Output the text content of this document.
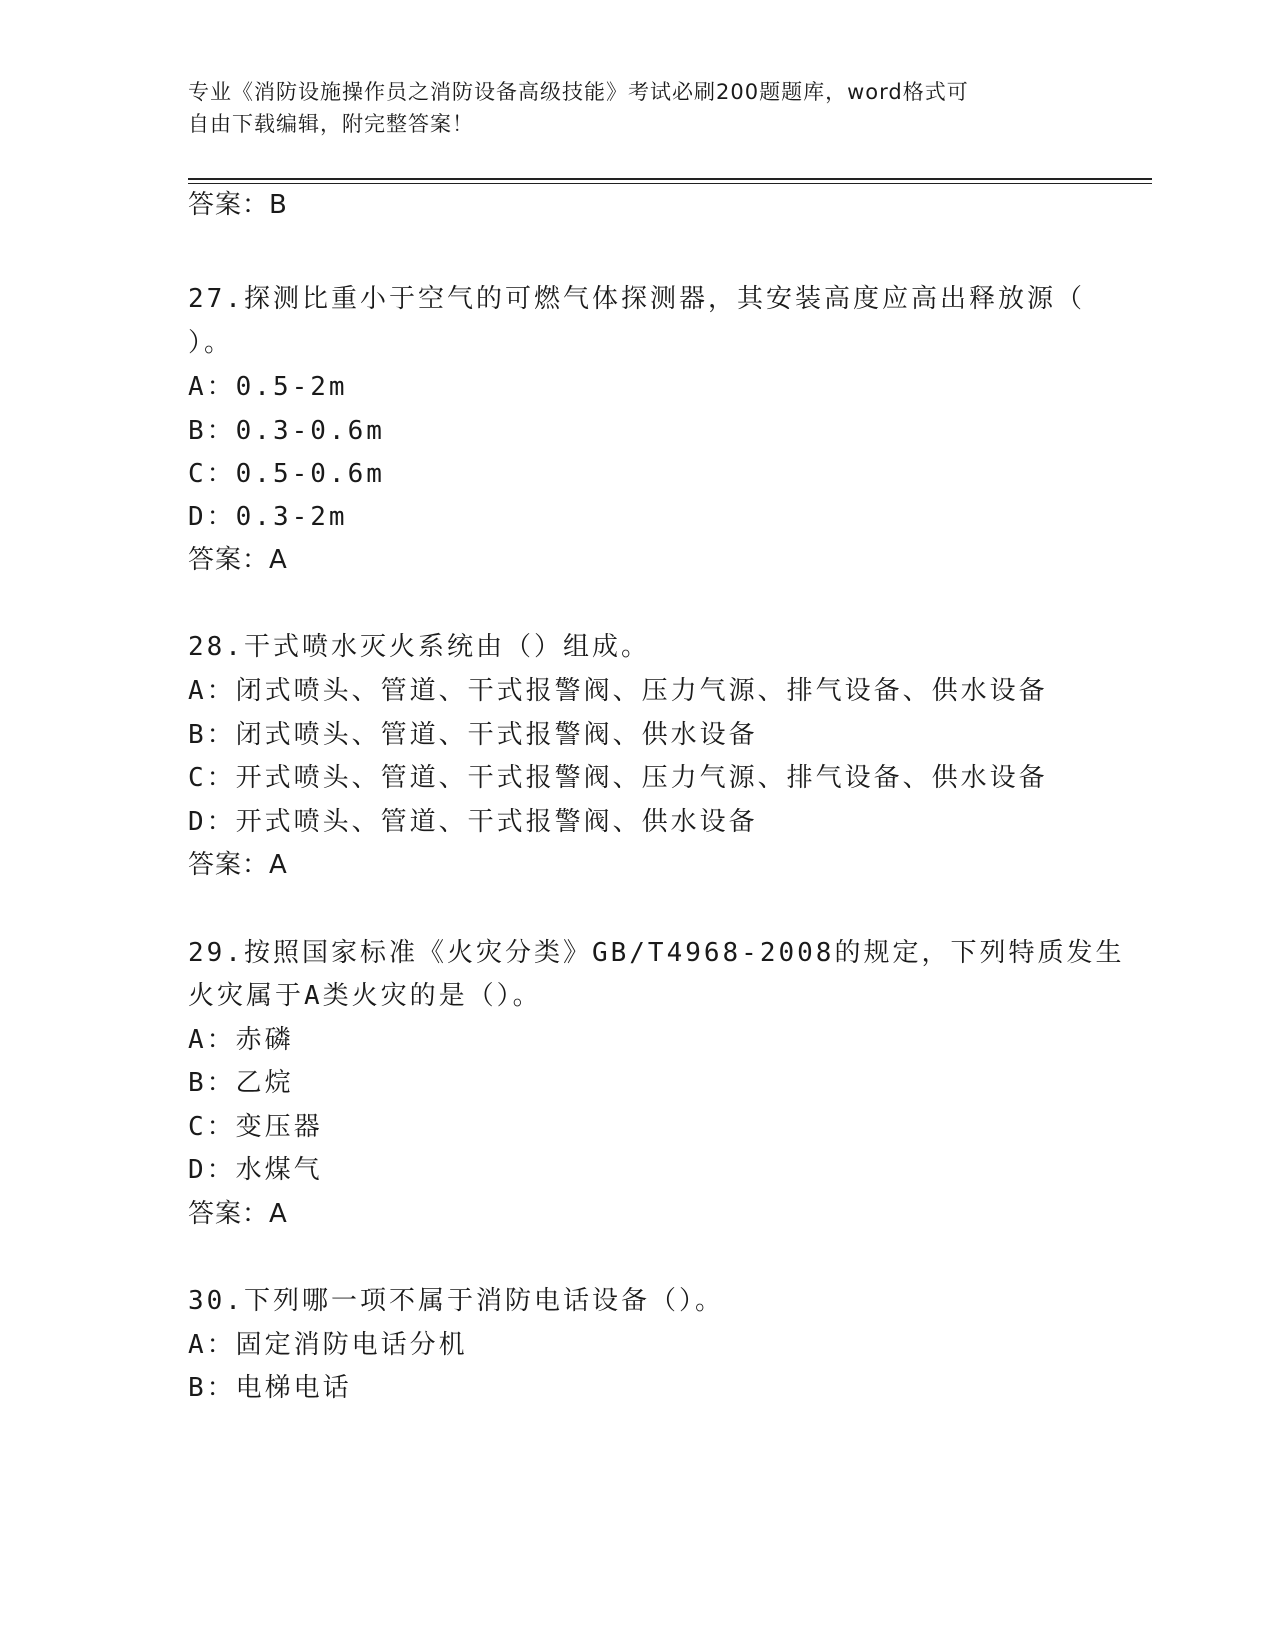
专业《消防设施操作员之消防设备高级技能》考试必刷200题题库，word格式可
自由下载编辑，附完整答案！
答案：B
27.探测比重小于空气的可燃气体探测器，其安装高度应高出释放源（
）。
A：0.5-2m
B：0.3-0.6m
C：0.5-0.6m
D：0.3-2m
答案：A
28.干式喷水灭火系统由（）组成。
A：闭式喷头、管道、干式报警阀、压力气源、排气设备、供水设备
B：闭式喷头、管道、干式报警阀、供水设备
C：开式喷头、管道、干式报警阀、压力气源、排气设备、供水设备
D：开式喷头、管道、干式报警阀、供水设备
答案：A
29.按照国家标准《火灾分类》GB/T4968-2008的规定，下列特质发生
火灾属于A类火灾的是（）。
A：赤磷
B：乙烷
C：变压器
D：水煤气
答案：A
30.下列哪一项不属于消防电话设备（）。
A：固定消防电话分机
B：电梯电话
